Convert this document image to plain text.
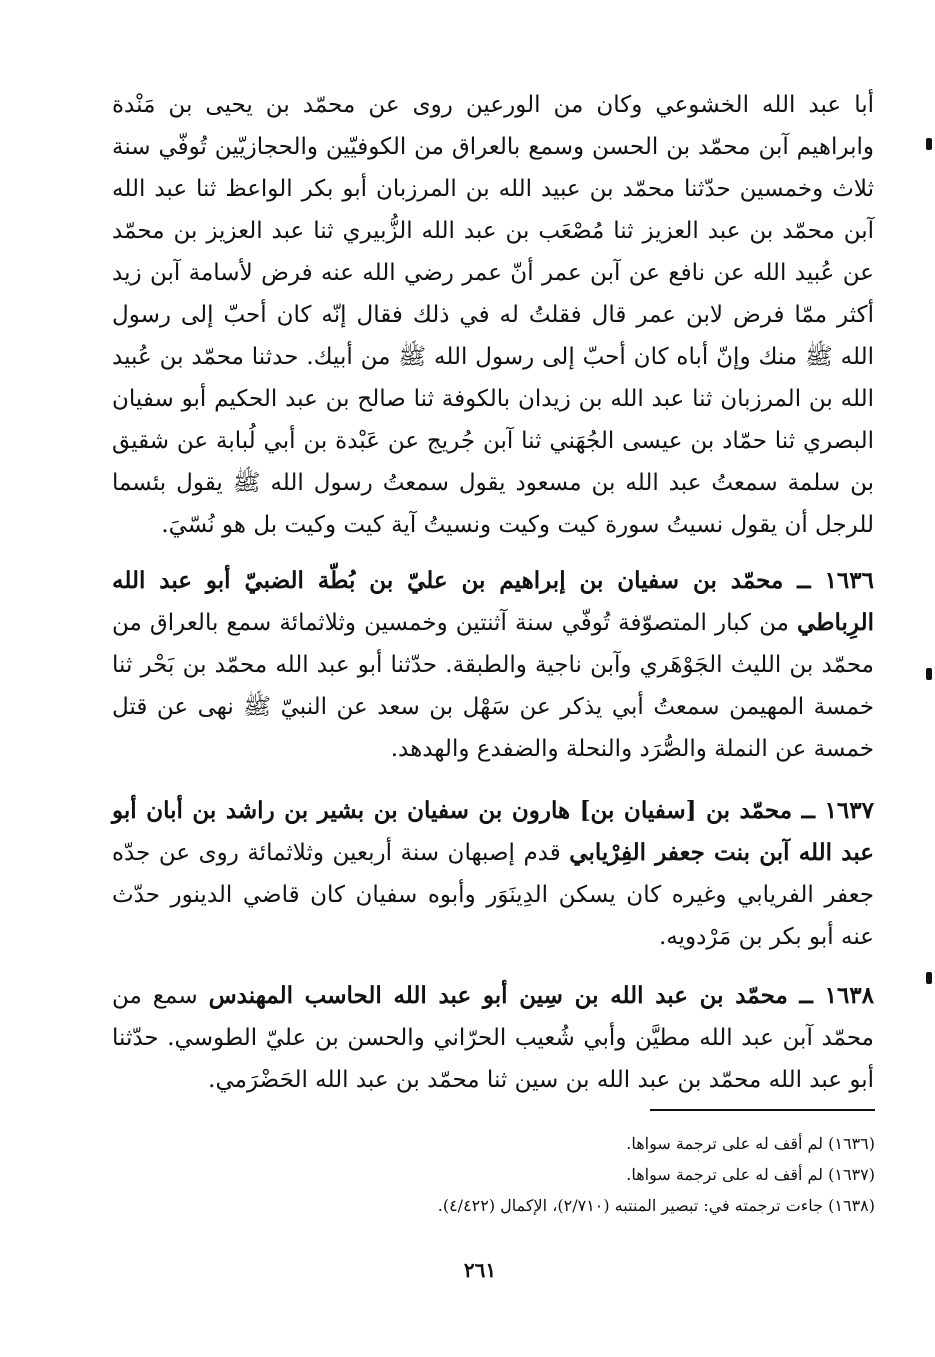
أبا عبد الله الخشوعي وكان من الورعين روى عن محمّد بن يحيى بن مَنْدة وابراهيم آبن محمّد بن الحسن وسمع بالعراق من الكوفيّين والحجازيّين تُوفّي سنة ثلاث وخمسين حدّثنا محمّد بن عبيد الله بن المرزبان أبو بكر الواعظ ثنا عبد الله آبن محمّد بن عبد العزيز ثنا مُصْعَب بن عبد الله الزُّبيري ثنا عبد العزيز بن محمّد عن عُبيد الله عن نافع عن آبن عمر أنّ عمر رضي الله عنه فرض لأسامة آبن زيد أكثر ممّا فرض لابن عمر قال فقلتُ له في ذلك فقال إنّه كان أحبّ إلى رسول الله ﷺ منك وإنّ أباه كان أحبّ إلى رسول الله ﷺ من أبيك. حدثنا محمّد بن عُبيد الله بن المرزبان ثنا عبد الله بن زيدان بالكوفة ثنا صالح بن عبد الحكيم أبو سفيان البصري ثنا حمّاد بن عيسى الجُهَني ثنا آبن جُريج عن عَبْدة بن أبي لُبابة عن شقيق بن سلمة سمعتُ عبد الله بن مسعود يقول سمعتُ رسول الله ﷺ يقول بئسما للرجل أن يقول نسيتُ سورة كيت وكيت ونسيتُ آية كيت وكيت بل هو نُسّيَ.

١٦٣٦ ــ محمّد بن سفيان بن إبراهيم بن عليّ بن بُطّة الضبيّ أبو عبد الله الرِباطي من كبار المتصوّفة تُوفّي سنة آثنتين وخمسين وثلاثمائة سمع بالعراق من محمّد بن الليث الجَوْهَري وآبن ناجية والطبقة. حدّثنا أبو عبد الله محمّد بن بَحْر ثنا خمسة المهيمن سمعتُ أبي يذكر عن سَهْل بن سعد عن النبيّ ﷺ نهى عن قتل خمسة عن النملة والصُّرَد والنحلة والضفدع والهدهد.

١٦٣٧ ــ محمّد بن [سفيان بن] هارون بن سفيان بن بشير بن راشد بن أبان أبو عبد الله آبن بنت جعفر الفِرْيابي قدم إصبهان سنة أربعين وثلاثمائة روى عن جدّه جعفر الفريابي وغيره كان يسكن الدِينَوَر وأبوه سفيان كان قاضي الدينور حدّث عنه أبو بكر بن مَرْدويه.

١٦٣٨ ــ محمّد بن عبد الله بن سِين أبو عبد الله الحاسب المهندس سمع من محمّد آبن عبد الله مطيَّن وأبي شُعيب الحرّاني والحسن بن عليّ الطوسي. حدّثنا أبو عبد الله محمّد بن عبد الله بن سين ثنا محمّد بن عبد الله الحَضْرَمي.

(١٦٣٦) لم أقف له على ترجمة سواها.
(١٦٣٧) لم أقف له على ترجمة سواها.
(١٦٣٨) جاءت ترجمته في: تبصير المنتبه (٢/٧١٠)، الإكمال (٤/٤٢٢).
٢٦١
